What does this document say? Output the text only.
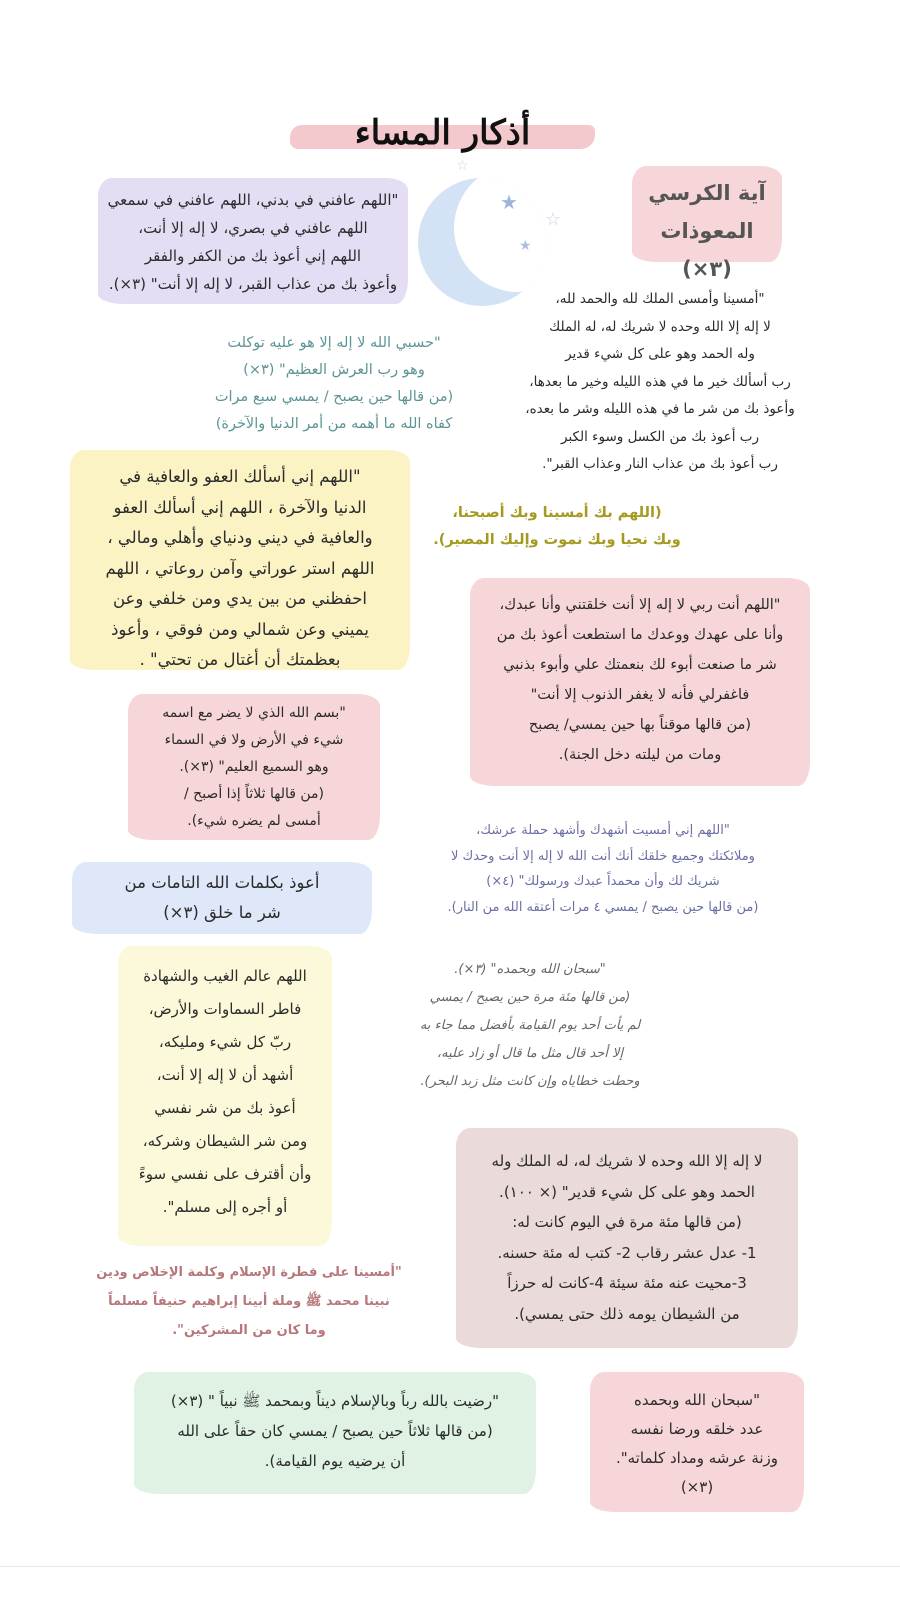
أذكار المساء
★
☆
★
☆
آية الكرسي
المعوذات (٣×)
"اللهم عافني في بدني، اللهم عافني في سمعي
اللهم عافني في بصري، لا إله إلا أنت،
اللهم إني أعوذ بك من الكفر والفقر
وأعوذ بك من عذاب القبر، لا إله إلا أنت" (٣×).
"أمسينا وأمسى الملك لله والحمد لله،
لا إله إلا الله وحده لا شريك له، له الملك
وله الحمد وهو على كل شيء قدير
رب أسألك خير ما في هذه الليله وخير ما بعدها،
وأعوذ بك من شر ما في هذه الليله وشر ما بعده،
رب أعوذ بك من الكسل وسوء الكبر
رب أعوذ بك من عذاب النار وعذاب القبر".
"حسبي الله لا إله إلا هو عليه توكلت
وهو رب العرش العظيم" (٣×)
(من قالها حين يصبح / يمسي سبع مرات
كفاه الله ما أهمه من أمر الدنيا والآخرة)
"اللهم إني أسألك العفو والعافية في
الدنيا والآخرة ، اللهم إني أسألك العفو
والعافية في ديني ودنياي وأهلي ومالي ،
اللهم استر عوراتي وآمن روعاتي ، اللهم
احفظني من بين يدي ومن خلفي وعن
يميني وعن شمالي ومن فوقي ، وأعوذ
بعظمتك أن أغتال من تحتي" .
(اللهم بك أمسينا وبك أصبحنا،
وبك نحيا وبك نموت وإليك المصير).
"اللهم أنت ربي لا إله إلا أنت خلقتني وأنا عبدك،
وأنا على عهدك ووعدك ما استطعت أعوذ بك من
شر ما صنعت أبوء لك بنعمتك علي وأبوء بذنبي
فاغفرلي فأنه لا يغفر الذنوب إلا أنت"
(من قالها موقناً بها حين يمسي/ يصبح
ومات من ليلته دخل الجنة).
"بسم الله الذي لا يضر مع اسمه
شيء في الأرض ولا في السماء
وهو السميع العليم" (٣×).
(من قالها ثلاثاً إذا أصبح /
أمسى لم يضره شيء).
"اللهم إني أمسيت أشهدك وأشهد حملة عرشك،
وملائكتك وجميع خلقك أنك أنت الله لا إله إلا أنت وحدك لا
شريك لك وأن محمداً عبدك ورسولك" (٤×)
(من قالها حين يصبح / يمسي ٤ مرات أعتقه الله من النار).
أعوذ بكلمات الله التامات من
شر ما خلق (٣×)
"سبحان الله وبحمده" (٣×).
(من قالها مئة مرة حين يصبح / يمسي
لم يأت أحد يوم القيامة بأفضل مما جاء به
إلا أحد قال مثل ما قال أو زاد عليه،
وحطت خطاياه وإن كانت مثل زبد البحر).
اللهم عالم الغيب والشهادة
فاطر السماوات والأرض،
ربّ كل شيء ومليكه،
أشهد أن لا إله إلا أنت،
أعوذ بك من شر نفسي
ومن شر الشيطان وشركه،
وأن أقترف على نفسي سوءً
أو أجره إلى مسلم".
لا إله إلا الله وحده لا شريك له، له الملك وله
الحمد وهو على كل شيء قدير" (× ١٠٠).
(من قالها مئة مرة في اليوم كانت له:
1- عدل عشر رقاب 2- كتب له مئة حسنه.
3-محيت عنه مئة سيئة 4-كانت له حرزاً
من الشيطان يومه ذلك حتى يمسي).
"أمسينا على فطرة الإسلام وكلمة الإخلاص ودين
نبينا محمد ﷺ وملة أبينا إبراهيم حنيفاً مسلماً
وما كان من المشركين".
"رضيت بالله رباً وبالإسلام ديناً وبمحمد ﷺ نبياً " (٣×)
(من قالها ثلاثاً حين يصبح / يمسي كان حقاً على الله
أن يرضيه يوم القيامة).
"سبحان الله وبحمده
عدد خلقه ورضا نفسه
وزنة عرشه ومداد كلماته".
(٣×)
